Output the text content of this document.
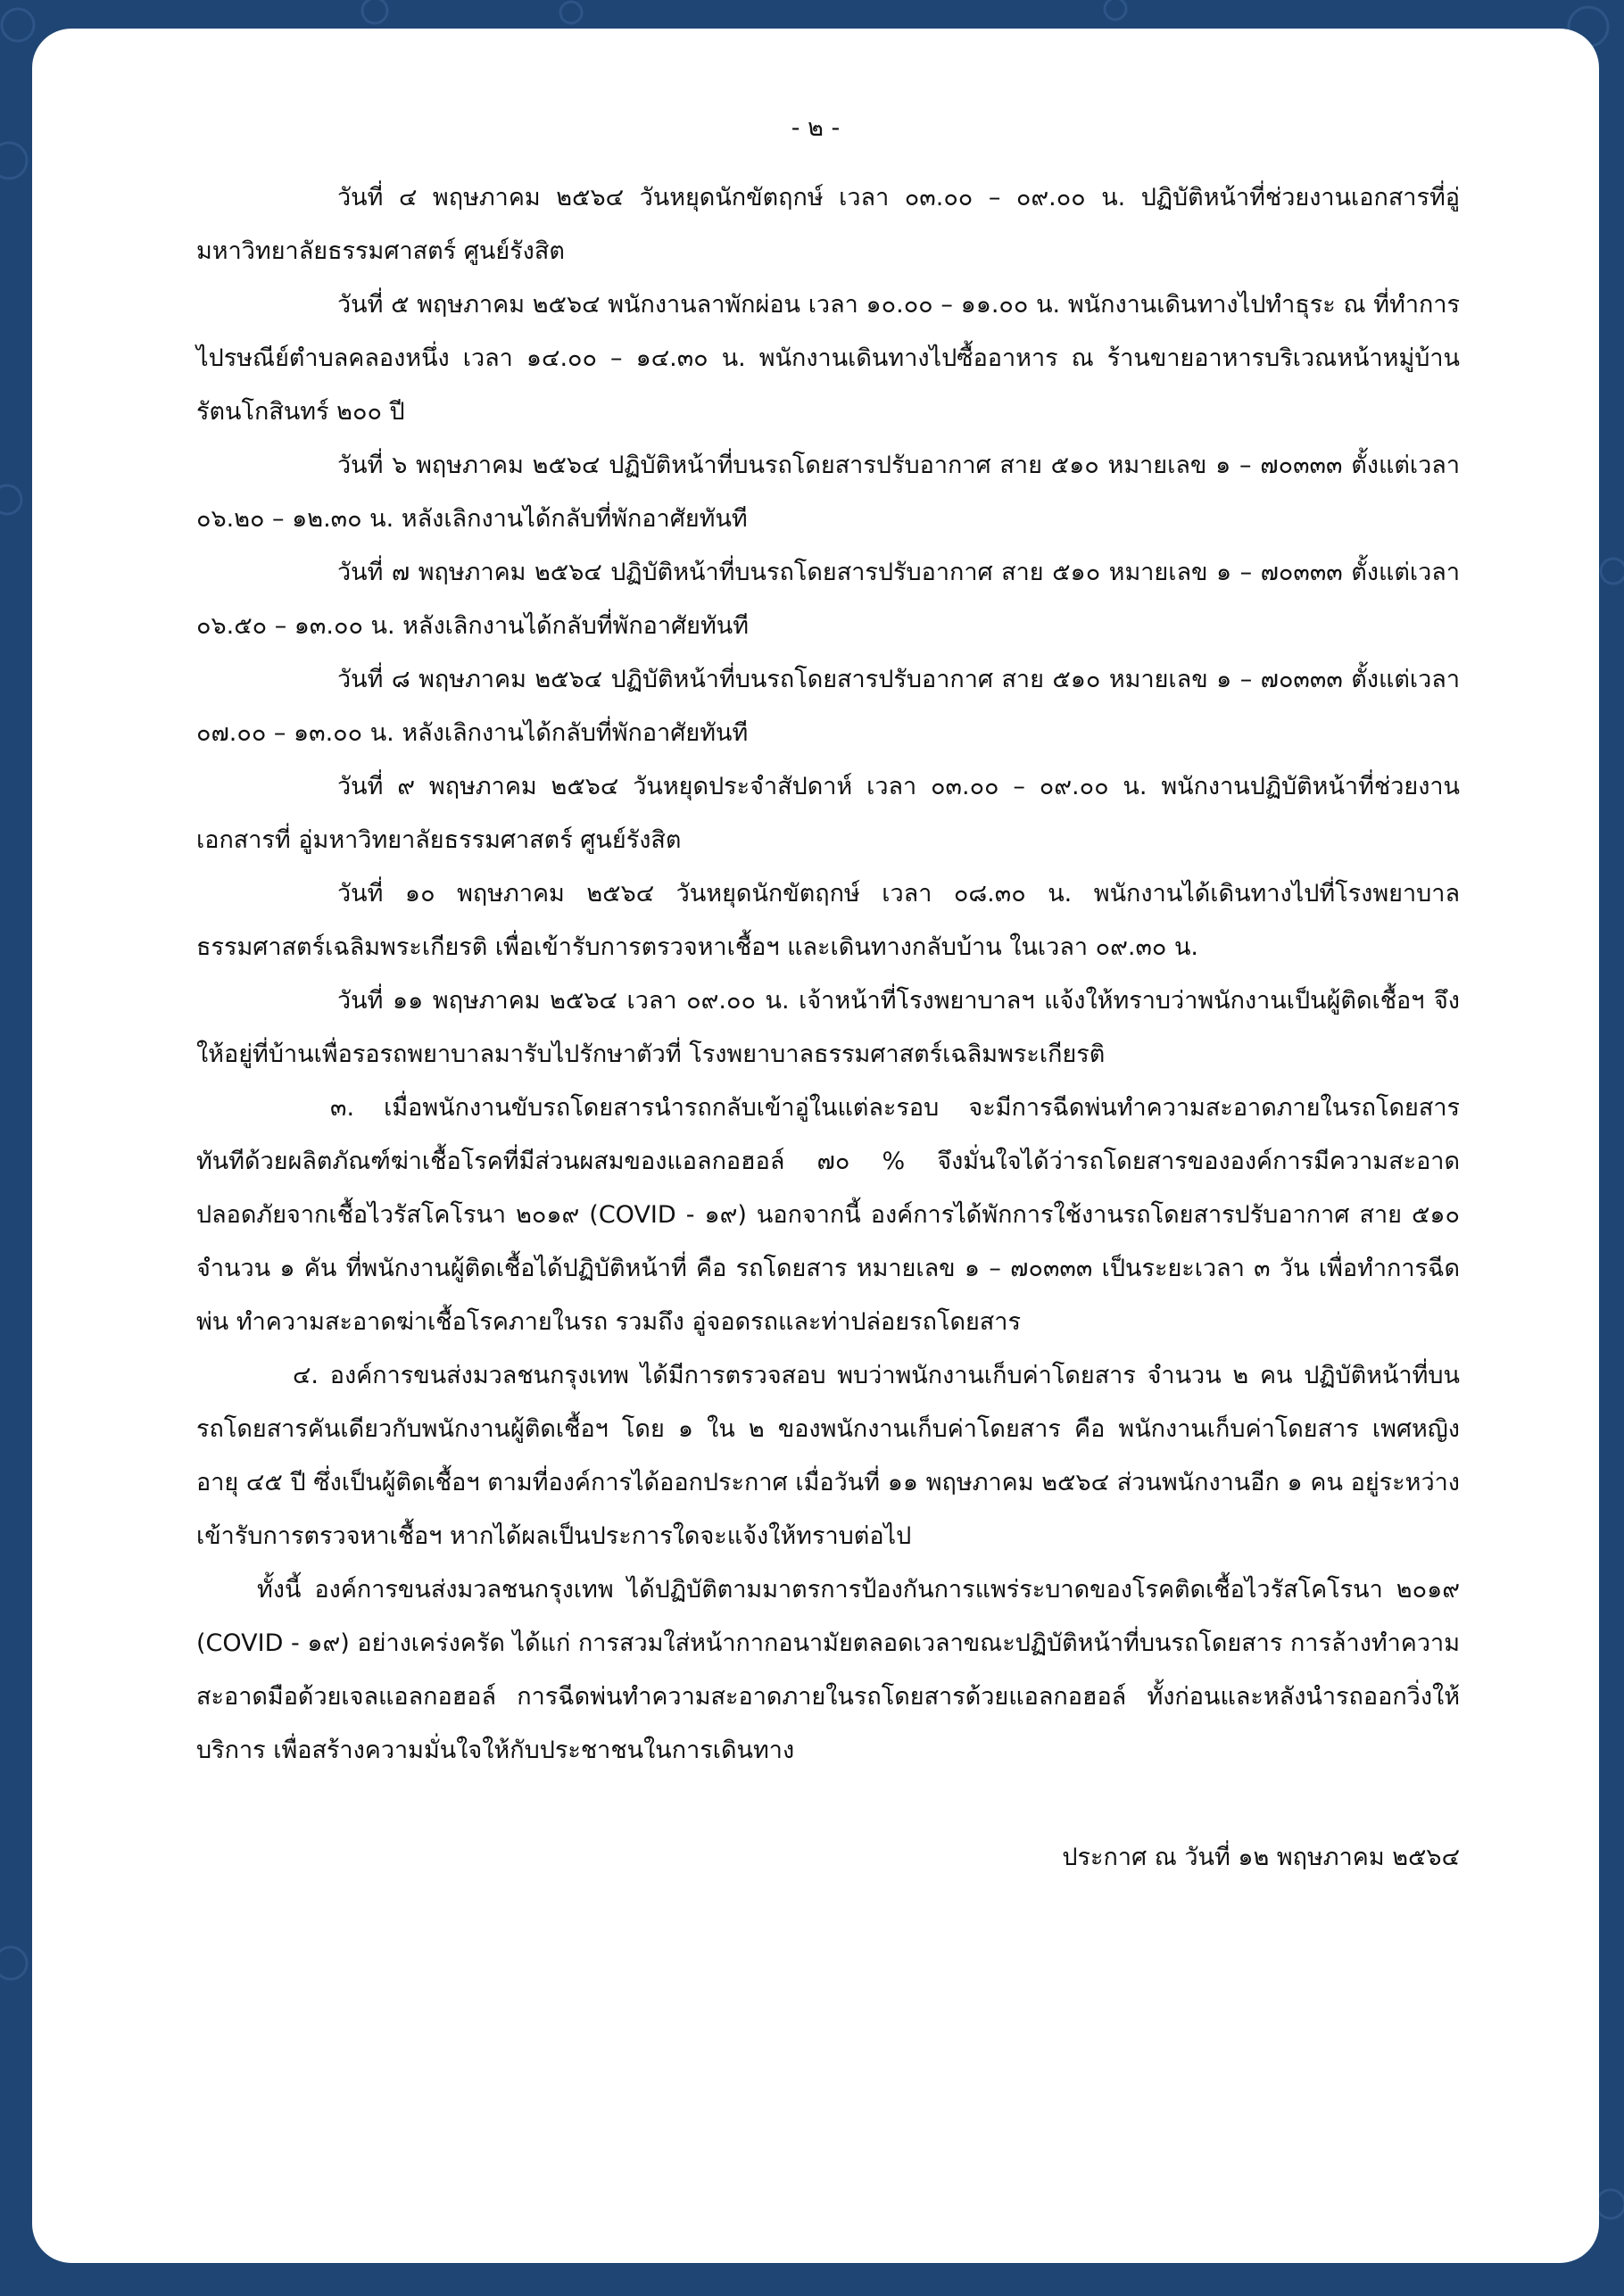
- ๒ -

วันที่ ๔ พฤษภาคม ๒๕๖๔ วันหยุดนักขัตฤกษ์ เวลา ๐๓.๐๐ – ๐๙.๐๐ น. ปฏิบัติหน้าที่ช่วยงานเอกสารที่อู่มหาวิทยาลัยธรรมศาสตร์ ศูนย์รังสิต

วันที่ ๕ พฤษภาคม ๒๕๖๔ พนักงานลาพักผ่อน เวลา ๑๐.๐๐ – ๑๑.๐๐ น. พนักงานเดินทางไปทำธุระ ณ ที่ทำการไปรษณีย์ตำบลคลองหนึ่ง เวลา ๑๔.๐๐ – ๑๔.๓๐ น. พนักงานเดินทางไปซื้ออาหาร ณ ร้านขายอาหารบริเวณหน้าหมู่บ้านรัตนโกสินทร์ ๒๐๐ ปี

วันที่ ๖ พฤษภาคม ๒๕๖๔ ปฏิบัติหน้าที่บนรถโดยสารปรับอากาศ สาย ๕๑๐ หมายเลข ๑ – ๗๐๓๓๓ ตั้งแต่เวลา ๐๖.๒๐ – ๑๒.๓๐ น. หลังเลิกงานได้กลับที่พักอาศัยทันที

วันที่ ๗ พฤษภาคม ๒๕๖๔ ปฏิบัติหน้าที่บนรถโดยสารปรับอากาศ สาย ๕๑๐ หมายเลข ๑ – ๗๐๓๓๓ ตั้งแต่เวลา ๐๖.๕๐ – ๑๓.๐๐ น. หลังเลิกงานได้กลับที่พักอาศัยทันที

วันที่ ๘ พฤษภาคม ๒๕๖๔ ปฏิบัติหน้าที่บนรถโดยสารปรับอากาศ สาย ๕๑๐ หมายเลข ๑ – ๗๐๓๓๓ ตั้งแต่เวลา ๐๗.๐๐ – ๑๓.๐๐ น. หลังเลิกงานได้กลับที่พักอาศัยทันที

วันที่ ๙ พฤษภาคม ๒๕๖๔ วันหยุดประจำสัปดาห์ เวลา ๐๓.๐๐ – ๐๙.๐๐ น. พนักงานปฏิบัติหน้าที่ช่วยงานเอกสารที่ อู่มหาวิทยาลัยธรรมศาสตร์ ศูนย์รังสิต

วันที่ ๑๐ พฤษภาคม ๒๕๖๔ วันหยุดนักขัตฤกษ์ เวลา ๐๘.๓๐ น. พนักงานได้เดินทางไปที่โรงพยาบาลธรรมศาสตร์เฉลิมพระเกียรติ เพื่อเข้ารับการตรวจหาเชื้อฯ และเดินทางกลับบ้าน ในเวลา ๐๙.๓๐ น.

วันที่ ๑๑ พฤษภาคม ๒๕๖๔ เวลา ๐๙.๐๐ น. เจ้าหน้าที่โรงพยาบาลฯ แจ้งให้ทราบว่าพนักงานเป็นผู้ติดเชื้อฯ จึงให้อยู่ที่บ้านเพื่อรอรถพยาบาลมารับไปรักษาตัวที่ โรงพยาบาลธรรมศาสตร์เฉลิมพระเกียรติ

๓. เมื่อพนักงานขับรถโดยสารนำรถกลับเข้าอู่ในแต่ละรอบ จะมีการฉีดพ่นทำความสะอาดภายในรถโดยสารทันทีด้วยผลิตภัณฑ์ฆ่าเชื้อโรคที่มีส่วนผสมของแอลกอฮอล์ ๗๐ % จึงมั่นใจได้ว่ารถโดยสารขององค์การมีความสะอาด ปลอดภัยจากเชื้อไวรัสโคโรนา ๒๐๑๙ (COVID - ๑๙) นอกจากนี้ องค์การได้พักการใช้งานรถโดยสารปรับอากาศ สาย ๕๑๐ จำนวน ๑ คัน ที่พนักงานผู้ติดเชื้อได้ปฏิบัติหน้าที่ คือ รถโดยสาร หมายเลข ๑ – ๗๐๓๓๓ เป็นระยะเวลา ๓ วัน เพื่อทำการฉีดพ่น ทำความสะอาดฆ่าเชื้อโรคภายในรถ รวมถึง อู่จอดรถและท่าปล่อยรถโดยสาร

๔. องค์การขนส่งมวลชนกรุงเทพ ได้มีการตรวจสอบ พบว่าพนักงานเก็บค่าโดยสาร จำนวน ๒ คน ปฏิบัติหน้าที่บนรถโดยสารคันเดียวกับพนักงานผู้ติดเชื้อฯ โดย ๑ ใน ๒ ของพนักงานเก็บค่าโดยสาร คือ พนักงานเก็บค่าโดยสาร เพศหญิง อายุ ๔๕ ปี ซึ่งเป็นผู้ติดเชื้อฯ ตามที่องค์การได้ออกประกาศ เมื่อวันที่ ๑๑ พฤษภาคม ๒๕๖๔ ส่วนพนักงานอีก ๑ คน อยู่ระหว่างเข้ารับการตรวจหาเชื้อฯ หากได้ผลเป็นประการใดจะแจ้งให้ทราบต่อไป

ทั้งนี้ องค์การขนส่งมวลชนกรุงเทพ ได้ปฏิบัติตามมาตรการป้องกันการแพร่ระบาดของโรคติดเชื้อไวรัสโคโรนา ๒๐๑๙ (COVID - ๑๙) อย่างเคร่งครัด ได้แก่ การสวมใส่หน้ากากอนามัยตลอดเวลาขณะปฏิบัติหน้าที่บนรถโดยสาร การล้างทำความสะอาดมือด้วยเจลแอลกอฮอล์ การฉีดพ่นทำความสะอาดภายในรถโดยสารด้วยแอลกอฮอล์ ทั้งก่อนและหลังนำรถออกวิ่งให้บริการ เพื่อสร้างความมั่นใจให้กับประชาชนในการเดินทาง

ประกาศ ณ วันที่ ๑๒ พฤษภาคม ๒๕๖๔
